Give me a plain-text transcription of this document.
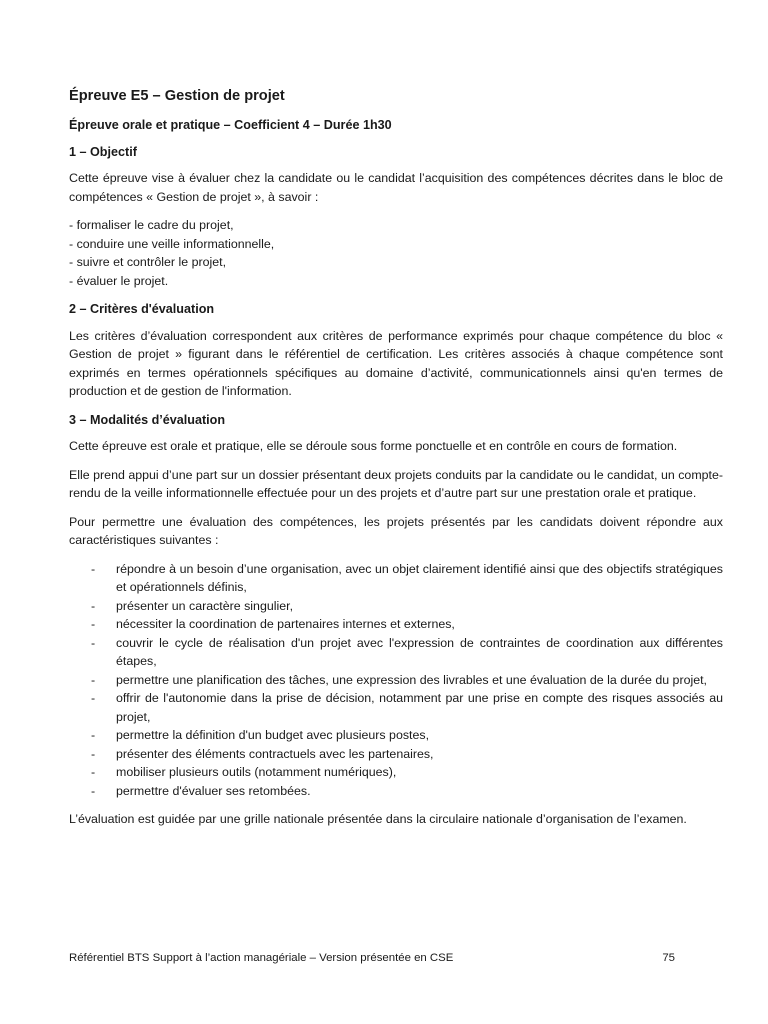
Épreuve E5 – Gestion de projet
Épreuve orale et pratique – Coefficient 4 – Durée 1h30
1 – Objectif

Cette épreuve vise à évaluer chez la candidate ou le candidat l’acquisition des compétences décrites dans le bloc de compétences « Gestion de projet », à savoir :

- formaliser le cadre du projet,
- conduire une veille informationnelle,
- suivre et contrôler le projet,
- évaluer le projet.
2 – Critères d'évaluation

Les critères d’évaluation correspondent aux critères de performance exprimés pour chaque compétence du bloc « Gestion de projet » figurant dans le référentiel de certification. Les critères associés à chaque compétence sont exprimés en termes opérationnels spécifiques au domaine d’activité, communicationnels ainsi qu'en termes de production et de gestion de l'information.

3 – Modalités d’évaluation

Cette épreuve est orale et pratique, elle se déroule sous forme ponctuelle et en contrôle en cours de formation.

Elle prend appui d’une part sur un dossier présentant deux projets conduits par la candidate ou le candidat, un compte-rendu de la veille informationnelle effectuée pour un des projets et d’autre part sur une prestation orale et pratique.

Pour permettre une évaluation des compétences, les projets présentés par les candidats doivent répondre aux caractéristiques suivantes :

- répondre à un besoin d’une organisation, avec un objet clairement identifié ainsi que des objectifs stratégiques et opérationnels définis,
- présenter un caractère singulier,
- nécessiter la coordination de partenaires internes et externes,
- couvrir le cycle de réalisation d'un projet avec l'expression de contraintes de coordination aux différentes étapes,
- permettre une planification des tâches, une expression des livrables et une évaluation de la durée du projet,
- offrir de l'autonomie dans la prise de décision, notamment par une prise en compte des risques associés au projet,
- permettre la définition d'un budget avec plusieurs postes,
- présenter des éléments contractuels avec les partenaires,
- mobiliser plusieurs outils (notamment numériques),
- permettre d'évaluer ses retombées.

L’évaluation est guidée par une grille nationale présentée dans la circulaire nationale d’organisation de l’examen.

Référentiel BTS Support à l’action managériale – Version présentée en CSE	75
